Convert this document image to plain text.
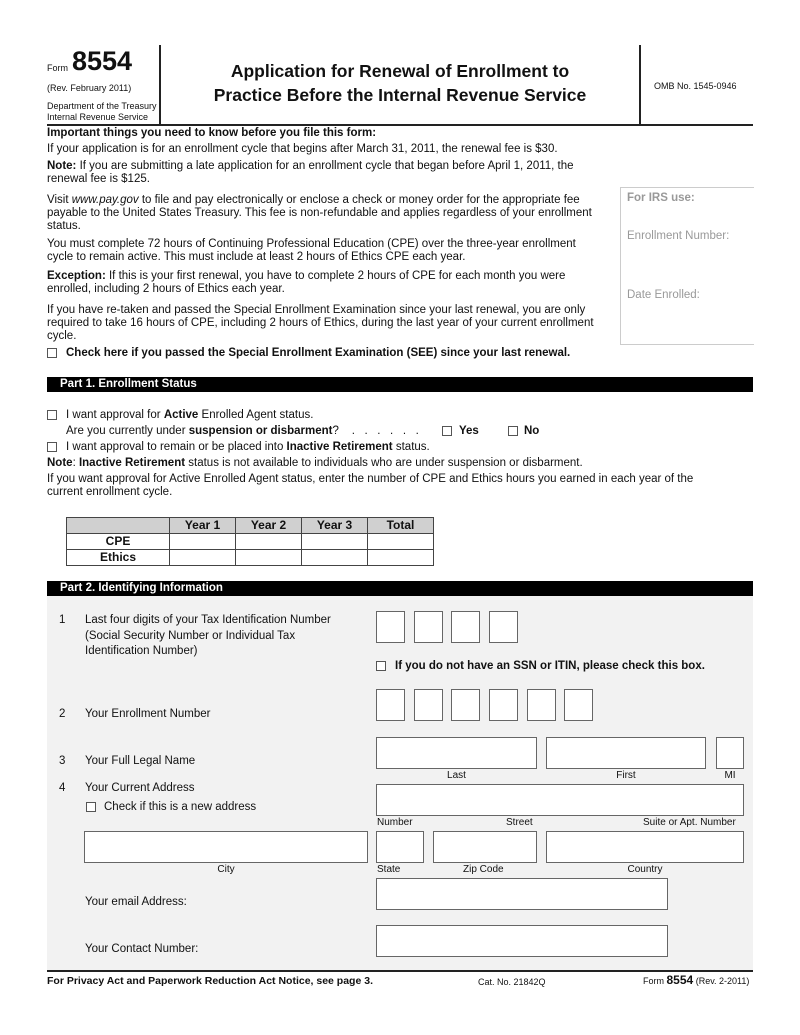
Form 8554
(Rev. February 2011)
Department of the Treasury
Internal Revenue Service
Application for Renewal of Enrollment to
Practice Before the Internal Revenue Service	OMB No. 1545-0946
Important things you need to know before you file this form:
If your application is for an enrollment cycle that begins after March 31, 2011, the renewal fee is $30.
Note: If you are submitting a late application for an enrollment cycle that began before April 1, 2011, the
renewal fee is $125.
Visit www.pay.gov to file and pay electronically or enclose a check or money order for the appropriate fee
payable to the United States Treasury. This fee is non-refundable and applies regardless of your enrollment
status.
You must complete 72 hours of Continuing Professional Education (CPE) over the three-year enrollment
cycle to remain active. This must include at least 2 hours of Ethics CPE each year.
Exception: If this is your first renewal, you have to complete 2 hours of CPE for each month you were
enrolled, including 2 hours of Ethics each year.
If you have re-taken and passed the Special Enrollment Examination since your last renewal, you are only
required to take 16 hours of CPE, including 2 hours of Ethics, during the last year of your current enrollment
cycle.
Check here if you passed the Special Enrollment Examination (SEE) since your last renewal.
For IRS use:
Enrollment Number:
Date Enrolled:
Part 1. Enrollment Status
I want approval for Active Enrolled Agent status.
Are you currently under suspension or disbarment?    .   .   .   .   .   .	Yes	No
I want approval to remain or be placed into Inactive Retirement status.
Note: Inactive Retirement status is not available to individuals who are under suspension or disbarment.
If you want approval for Active Enrolled Agent status, enter the number of CPE and Ethics hours you earned in each year of the
current enrollment cycle.
	Year 1	Year 2	Year 3	Total
CPE				
Ethics				
Part 2. Identifying Information
1 Last four digits of your Tax Identification Number
(Social Security Number or Individual Tax
Identification Number)
If you do not have an SSN or ITIN, please check this box.
2 Your Enrollment Number
3 Your Full Legal Name
Last	First	MI
4 Your Current Address
Check if this is a new address
Number	Street	Suite or Apt. Number
City	State	Zip Code	Country
Your email Address:
Your Contact Number:
For Privacy Act and Paperwork Reduction Act Notice, see page 3.	Cat. No. 21842Q	Form 8554 (Rev. 2-2011)
